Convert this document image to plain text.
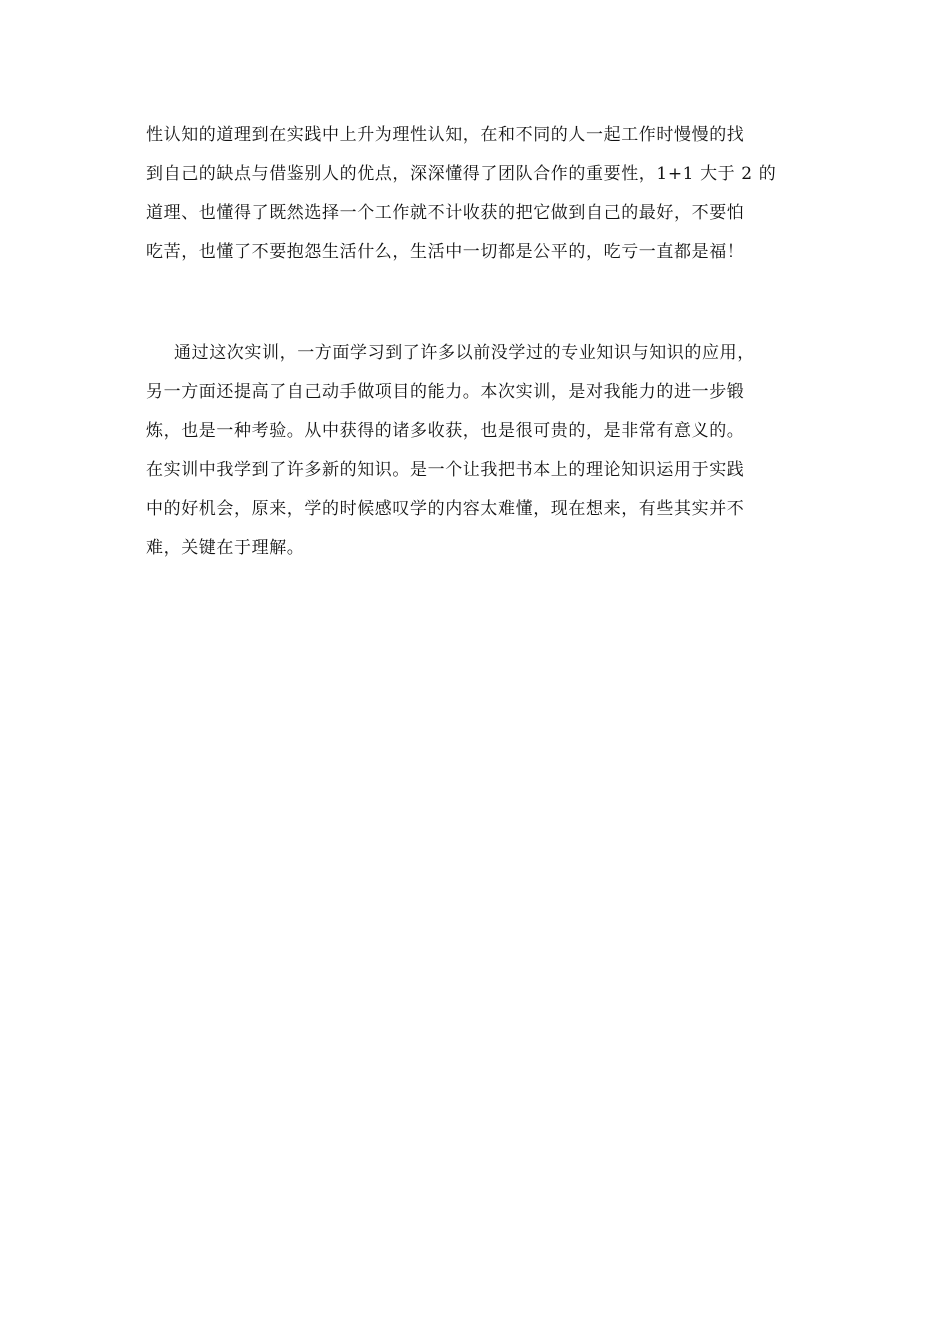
性认知的道理到在实践中上升为理性认知，在和不同的人一起工作时慢慢的找
到自己的缺点与借鉴别人的优点，深深懂得了团队合作的重要性，1+1 大于 2 的
道理、也懂得了既然选择一个工作就不计收获的把它做到自己的最好，不要怕
吃苦，也懂了不要抱怨生活什么，生活中一切都是公平的，吃亏一直都是福！
通过这次实训，一方面学习到了许多以前没学过的专业知识与知识的应用，
另一方面还提高了自己动手做项目的能力。本次实训，是对我能力的进一步锻
炼，也是一种考验。从中获得的诸多收获，也是很可贵的，是非常有意义的。
在实训中我学到了许多新的知识。是一个让我把书本上的理论知识运用于实践
中的好机会，原来，学的时候感叹学的内容太难懂，现在想来，有些其实并不
难，关键在于理解。
